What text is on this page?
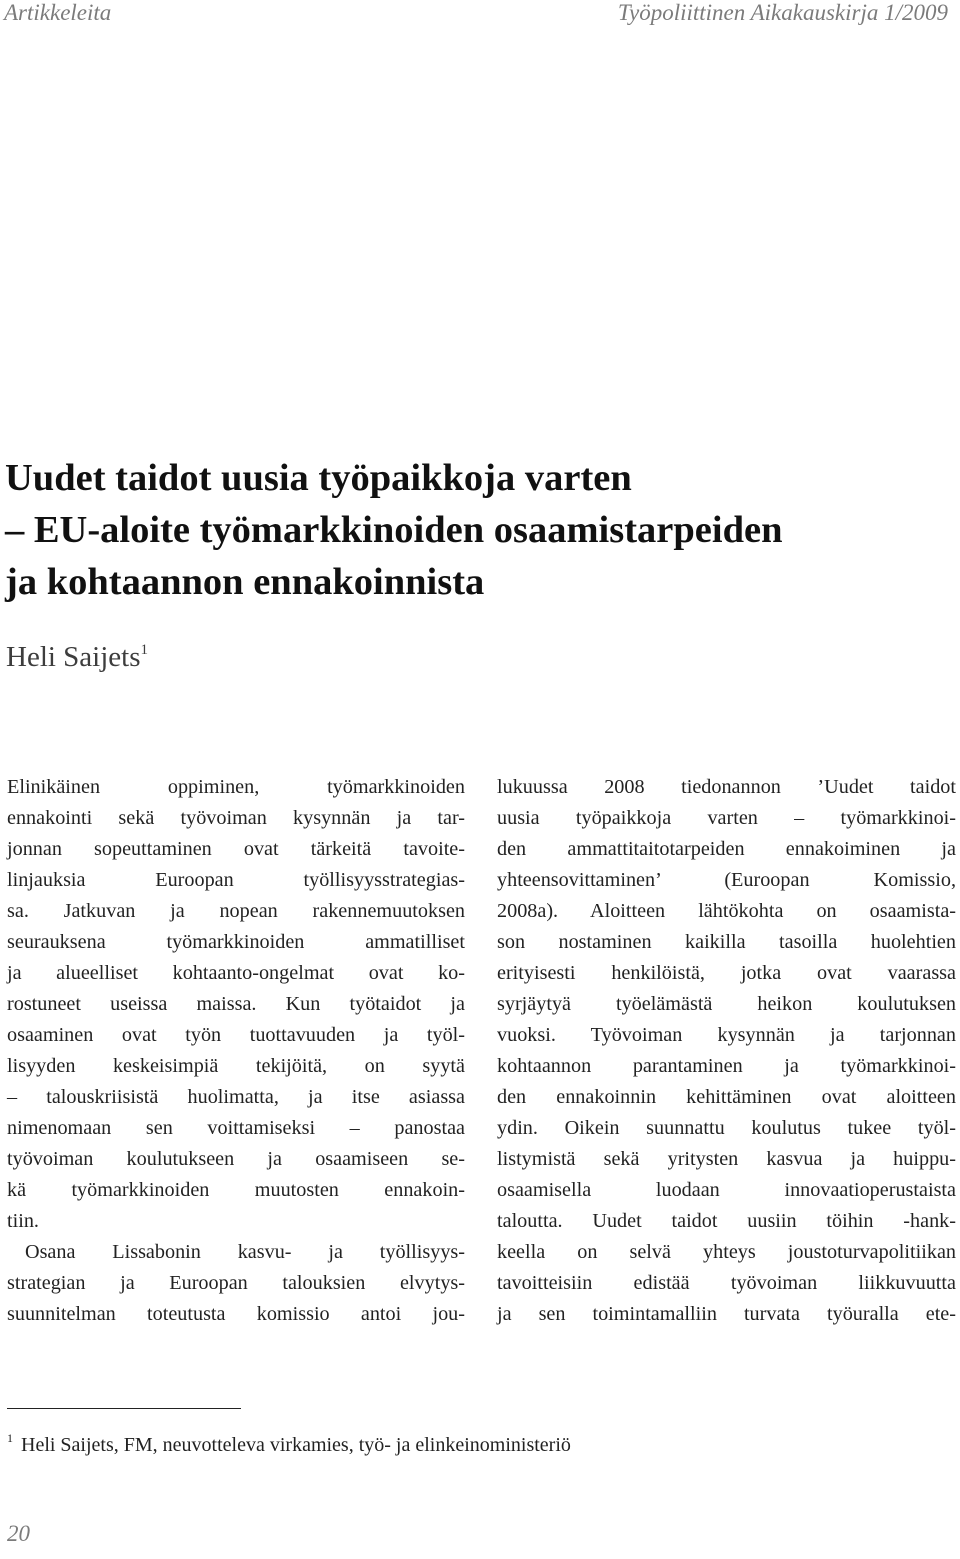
Artikkeleita	Työpoliittinen Aikakauskirja 1/2009
Uudet taidot uusia työpaikkoja varten
– EU-aloite työmarkkinoiden osaamistarpeiden
ja kohtaannon ennakoinnista
Heli Saijets$^1$
Elinikäinen oppiminen, työmarkkinoiden
ennakointi sekä työvoiman kysynnän ja tar-
jonnan sopeuttaminen ovat tärkeitä tavoite-
linjauksia Euroopan työllisyysstrategias-
sa. Jatkuvan ja nopean rakennemuutoksen
seurauksena työmarkkinoiden ammatilliset
ja alueelliset kohtaanto-ongelmat ovat ko-
rostuneet useissa maissa. Kun työtaidot ja
osaaminen ovat työn tuottavuuden ja työl-
lisyyden keskeisimpiä tekijöitä, on syytä
– talouskriisistä huolimatta, ja itse asiassa
nimenomaan sen voittamiseksi – panostaa
työvoiman koulutukseen ja osaamiseen se-
kä työmarkkinoiden muutosten ennakoin-
tiin.
Osana Lissabonin kasvu- ja työllisyys-
strategian ja Euroopan talouksien elvytys-
suunnitelman toteutusta komissio antoi jou-
lukuussa 2008 tiedonannon ’Uudet taidot
uusia työpaikkoja varten – työmarkkinoi-
den ammattitaitotarpeiden ennakoiminen ja
yhteensovittaminen’ (Euroopan Komissio,
2008a). Aloitteen lähtökohta on osaamista-
son nostaminen kaikilla tasoilla huolehtien
erityisesti henkilöistä, jotka ovat vaarassa
syrjäytyä työelämästä heikon koulutuksen
vuoksi. Työvoiman kysynnän ja tarjonnan
kohtaannon parantaminen ja työmarkkinoi-
den ennakoinnin kehittäminen ovat aloitteen
ydin. Oikein suunnattu koulutus tukee työl-
listymistä sekä yritysten kasvua ja huippu-
osaamisella luodaan innovaatioperustaista
taloutta. Uudet taidot uusiin töihin -hank-
keella on selvä yhteys joustoturvapolitiikan
tavoitteisiin edistää työvoiman liikkuvuutta
ja sen toimintamalliin turvata työuralla ete-
$^1$ Heli Saijets, FM, neuvotteleva virkamies, työ- ja elinkeinoministeriö
20
